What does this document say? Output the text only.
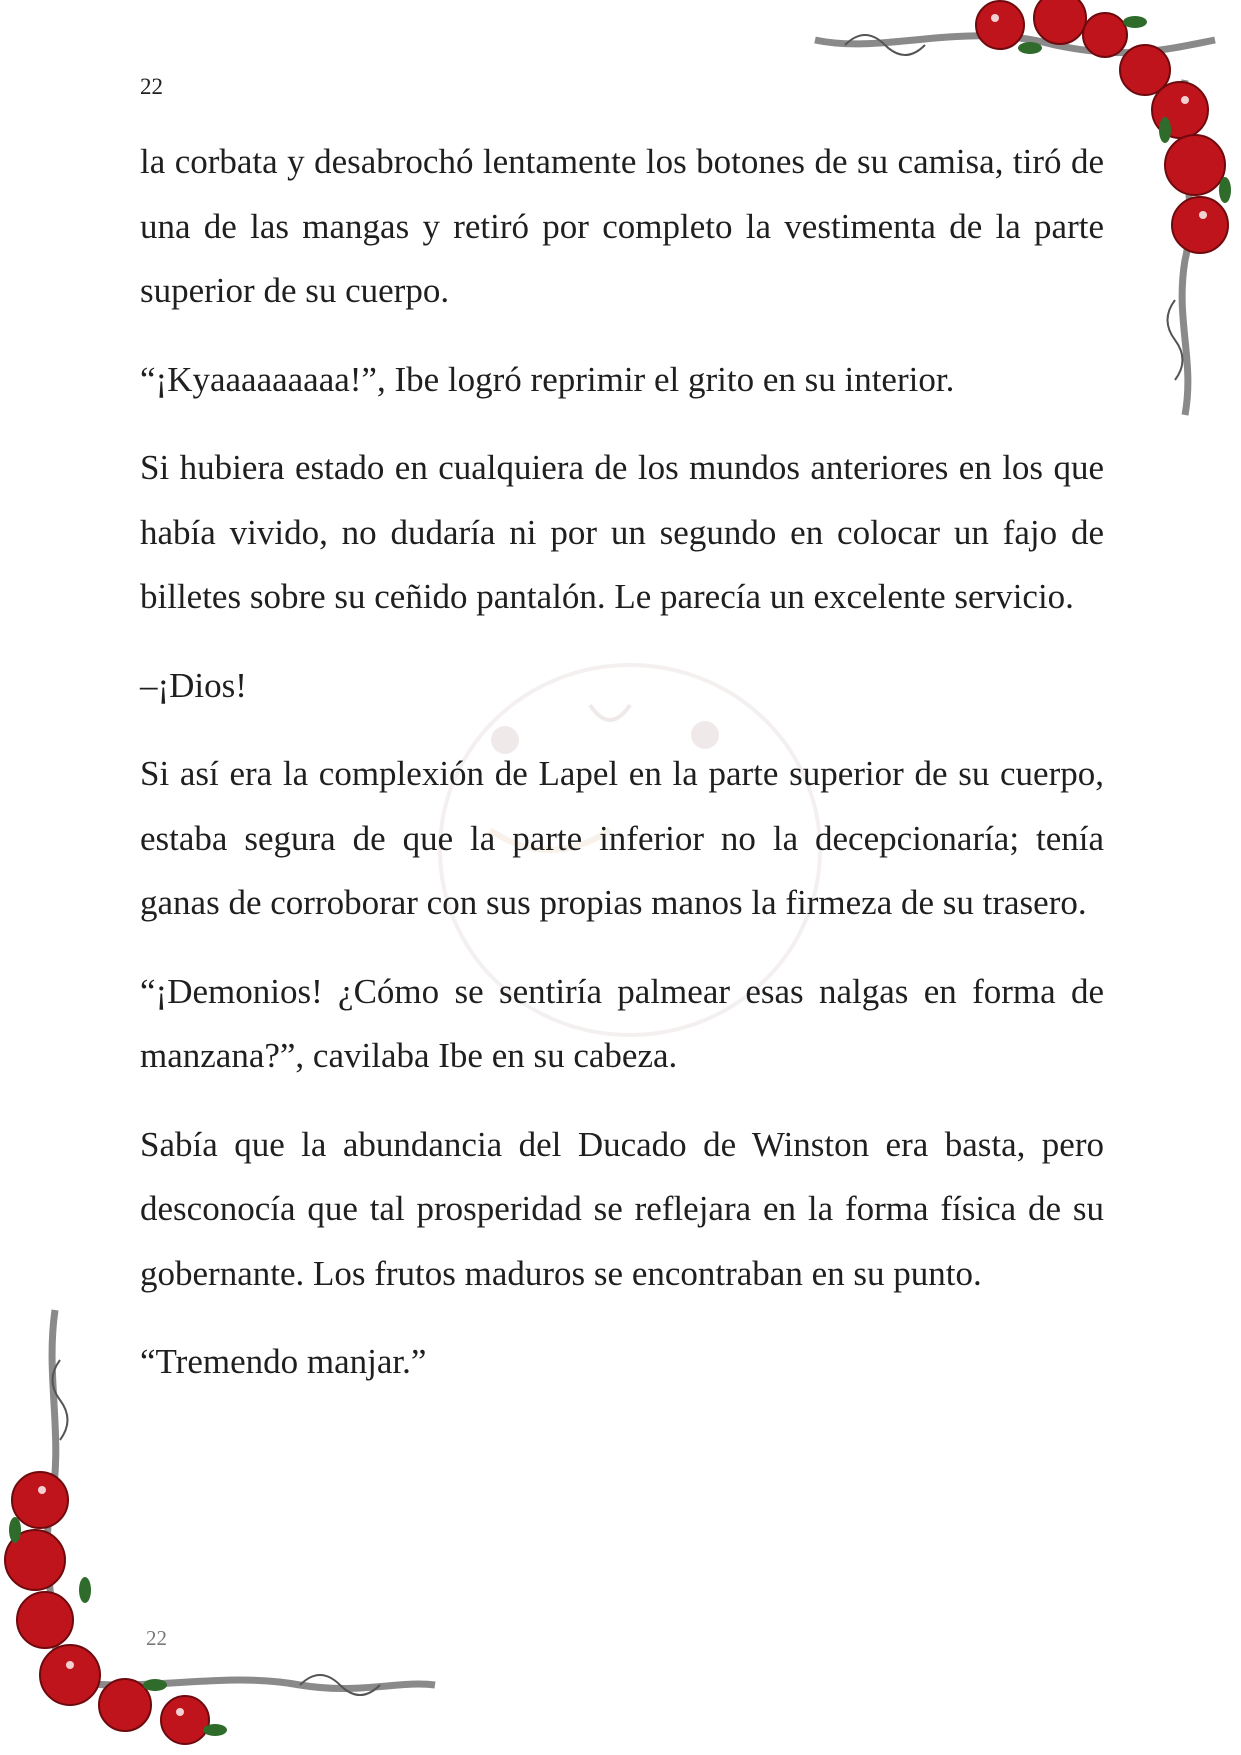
22
22

la corbata y desabrochó lentamente los botones de su camisa, tiró de una de las mangas y retiró por completo la vestimenta de la parte superior de su cuerpo.

“¡Kyaaaaaaaaa!”, Ibe logró reprimir el grito en su interior.

Si hubiera estado en cualquiera de los mundos anteriores en los que había vivido, no dudaría ni por un segundo en colocar un fajo de billetes sobre su ceñido pantalón. Le parecía un excelente servicio.

–¡Dios!

Si así era la complexión de Lapel en la parte superior de su cuerpo, estaba segura de que la parte inferior no la decepcionaría; tenía ganas de corroborar con sus propias manos la firmeza de su trasero.

“¡Demonios! ¿Cómo se sentiría palmear esas nalgas en forma de manzana?”, cavilaba Ibe en su cabeza.

Sabía que la abundancia del Ducado de Winston era basta, pero desconocía que tal prosperidad se reflejara en la forma física de su gobernante. Los frutos maduros se encontraban en su punto.

“Tremendo manjar.”
